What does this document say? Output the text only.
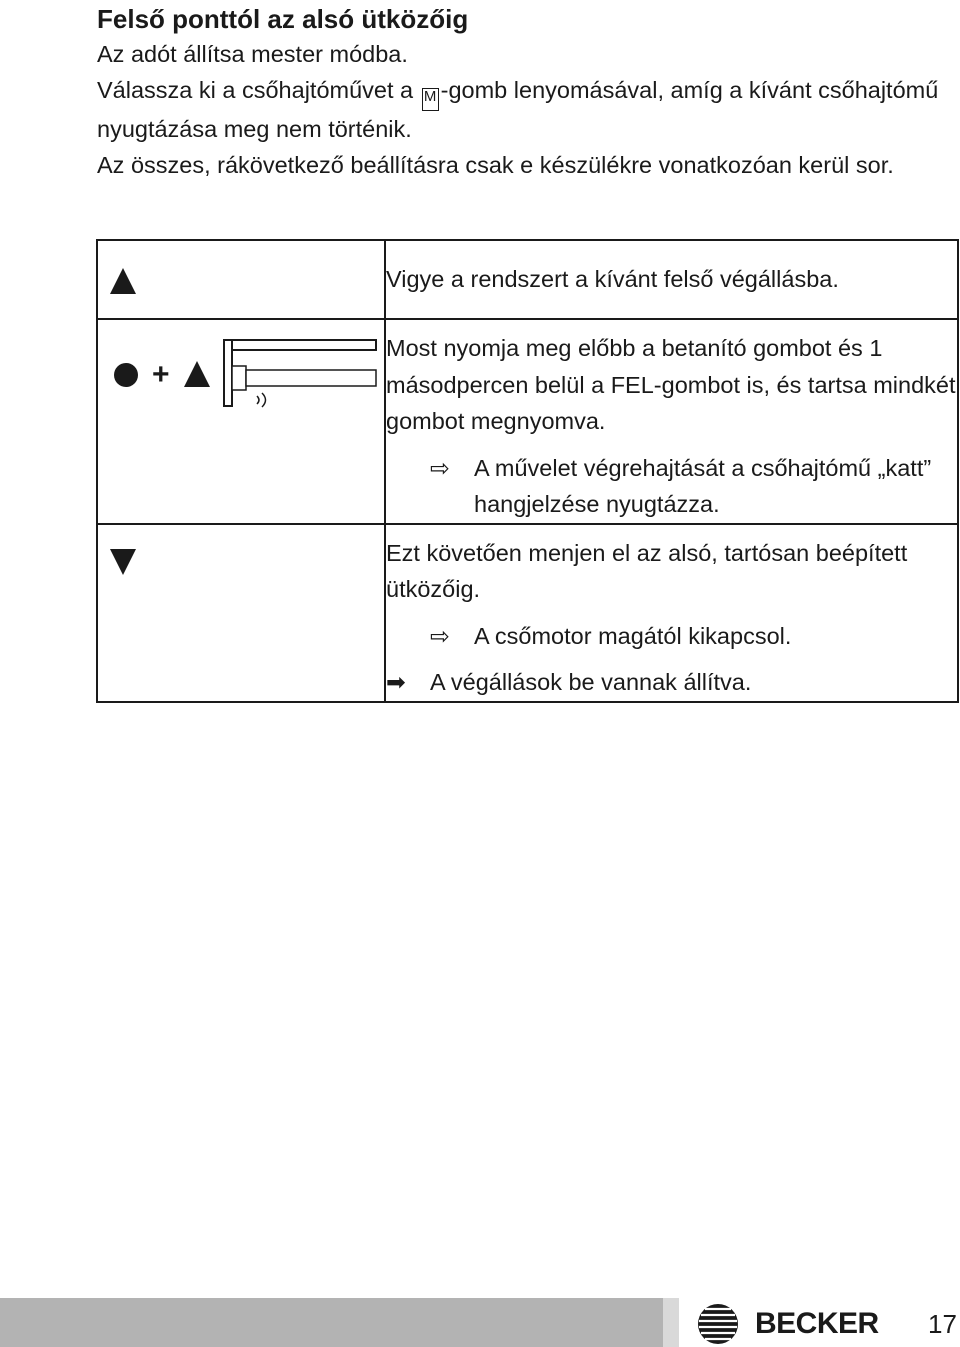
Felső ponttól az alsó ütközőig

Az adót állítsa mester módba.

Válassza ki a csőhajtóművet a M -gomb lenyomásával, amíg a kívánt csőhajtómű nyugtázása meg nem történik.

Az összes, rákövetkező beállításra csak e készülékre vonatkozóan kerül sor.

	Vigye a rendszert a kívánt felső végállásba.

+	Most nyomja meg előbb a betanító gombot és 1 másodpercen belül a FEL-gombot is, és tartsa mindkét gombot megnyomva.
⇨ A művelet végrehajtását a csőhajtómű „katt” hangjelzése nyugtázza.

	Ezt követően menjen el az alsó, tartósan beépített ütközőig.
⇨ A csőmotor magától kikapcsol.
➡ A végállások be vannak állítva.
BECKER 17
